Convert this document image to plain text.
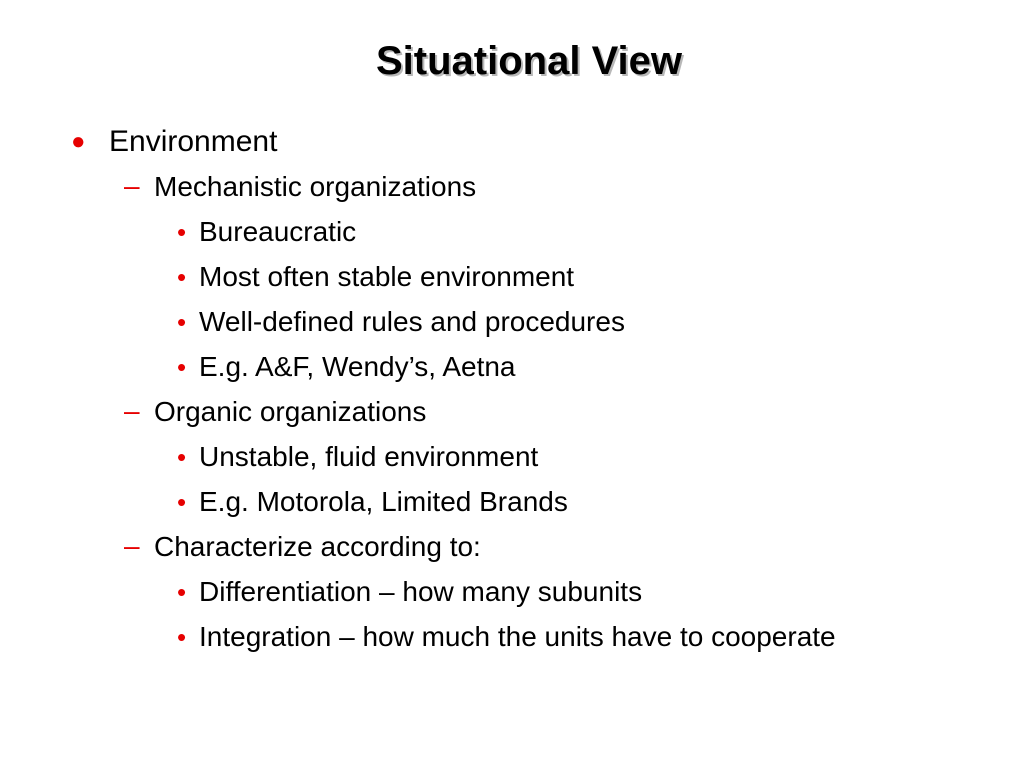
Situational View
● Environment
– Mechanistic organizations
• Bureaucratic
• Most often stable environment
• Well-defined rules and procedures
• E.g. A&F, Wendy’s, Aetna
– Organic organizations
• Unstable, fluid environment
• E.g. Motorola, Limited Brands
– Characterize according to:
• Differentiation – how many subunits
• Integration – how much the units have to cooperate
